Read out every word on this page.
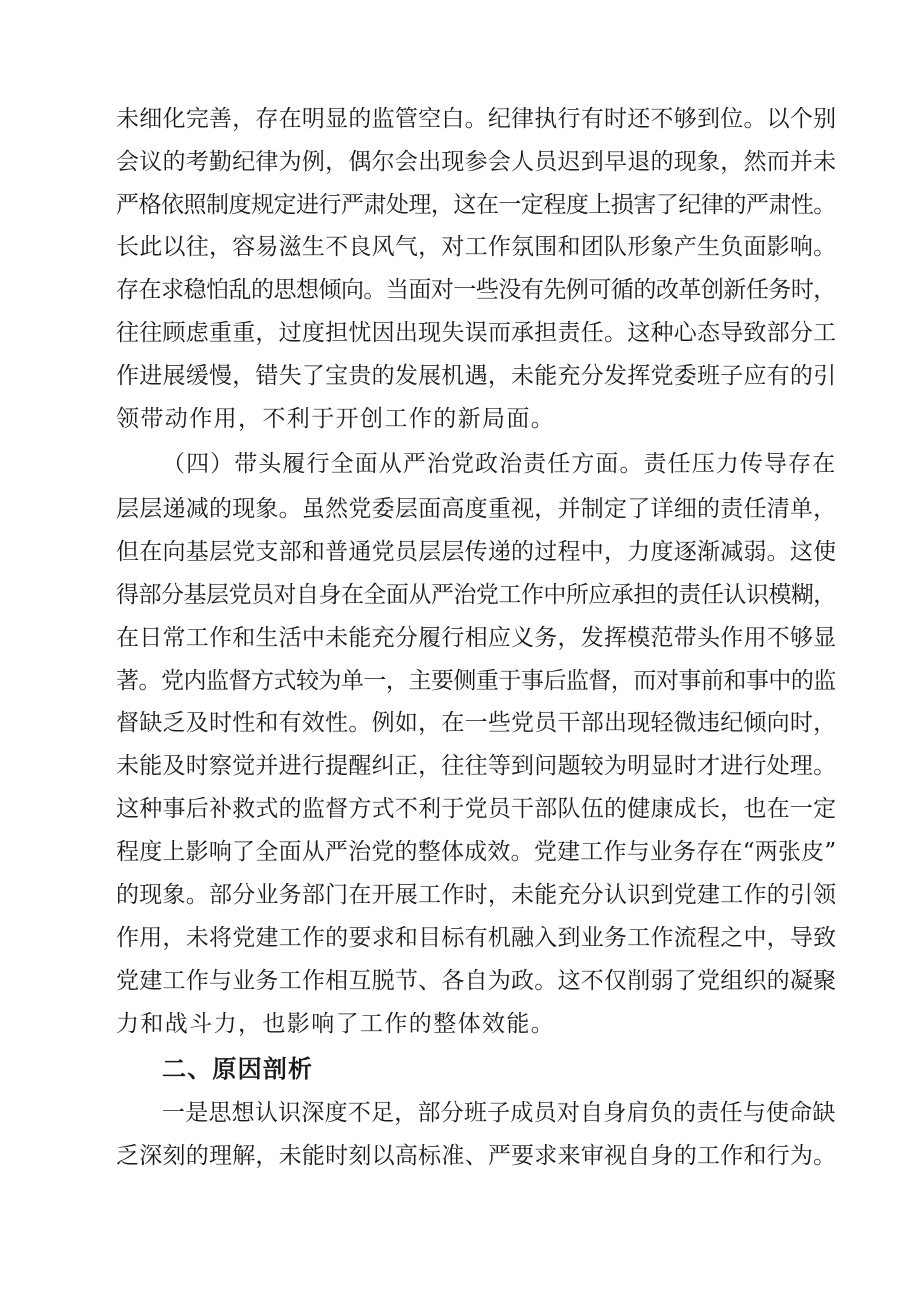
未细化完善，存在明显的监管空白。纪律执行有时还不够到位。以个别
会议的考勤纪律为例，偶尔会出现参会人员迟到早退的现象，然而并未
严格依照制度规定进行严肃处理，这在一定程度上损害了纪律的严肃性。
长此以往，容易滋生不良风气，对工作氛围和团队形象产生负面影响。
存在求稳怕乱的思想倾向。当面对一些没有先例可循的改革创新任务时，
往往顾虑重重，过度担忧因出现失误而承担责任。这种心态导致部分工
作进展缓慢，错失了宝贵的发展机遇，未能充分发挥党委班子应有的引
领带动作用，不利于开创工作的新局面。
（四）带头履行全面从严治党政治责任方面。责任压力传导存在
层层递减的现象。虽然党委层面高度重视，并制定了详细的责任清单，
但在向基层党支部和普通党员层层传递的过程中，力度逐渐减弱。这使
得部分基层党员对自身在全面从严治党工作中所应承担的责任认识模糊，
在日常工作和生活中未能充分履行相应义务，发挥模范带头作用不够显
著。党内监督方式较为单一，主要侧重于事后监督，而对事前和事中的监
督缺乏及时性和有效性。例如，在一些党员干部出现轻微违纪倾向时，
未能及时察觉并进行提醒纠正，往往等到问题较为明显时才进行处理。
这种事后补救式的监督方式不利于党员干部队伍的健康成长，也在一定
程度上影响了全面从严治党的整体成效。党建工作与业务存在“两张皮”
的现象。部分业务部门在开展工作时，未能充分认识到党建工作的引领
作用，未将党建工作的要求和目标有机融入到业务工作流程之中，导致
党建工作与业务工作相互脱节、各自为政。这不仅削弱了党组织的凝聚
力和战斗力，也影响了工作的整体效能。
二、原因剖析
一是思想认识深度不足，部分班子成员对自身肩负的责任与使命缺
乏深刻的理解，未能时刻以高标准、严要求来审视自身的工作和行为。
